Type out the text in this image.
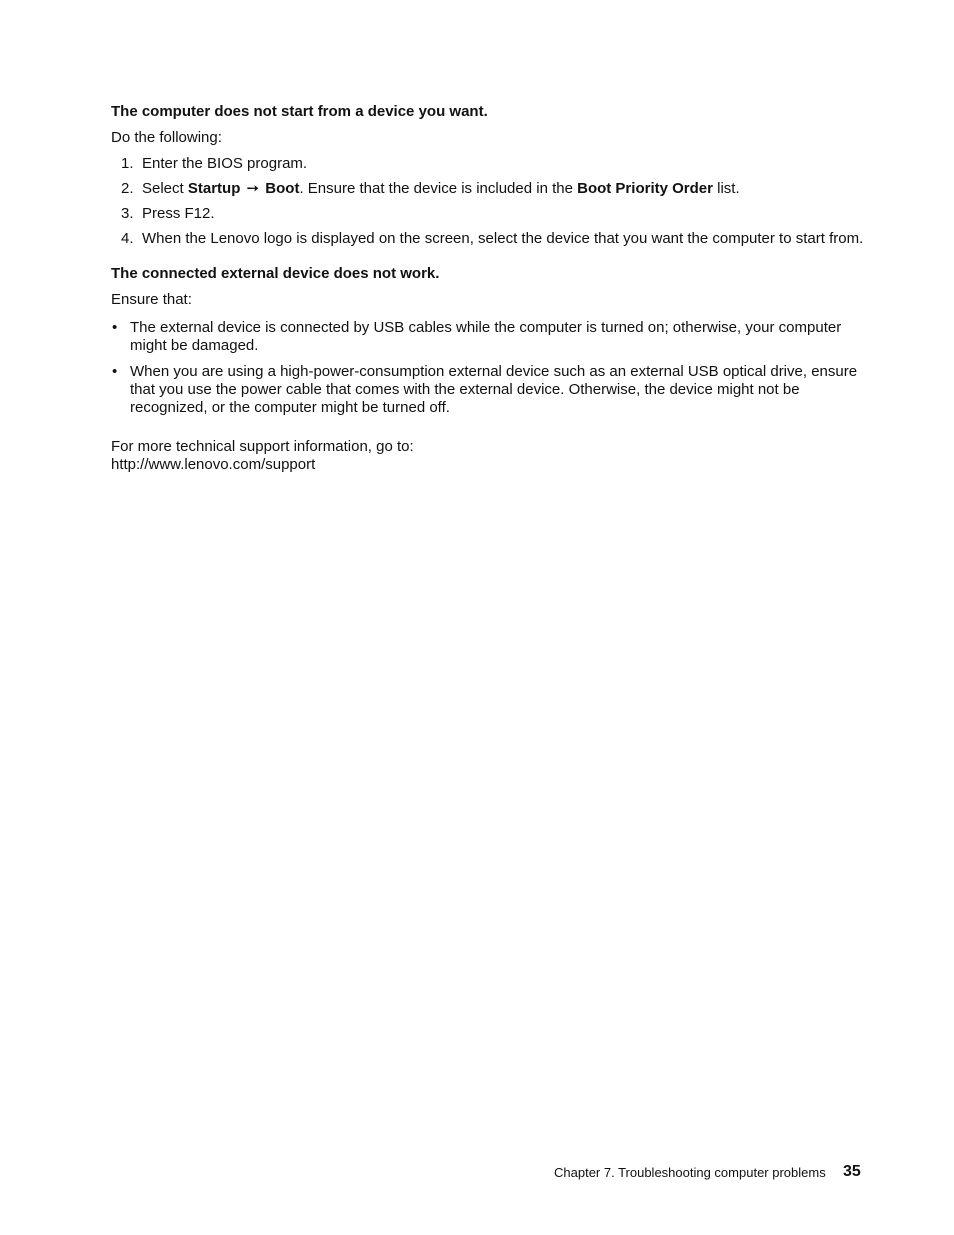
The computer does not start from a device you want.

Do the following:

1. Enter the BIOS program.
2. Select Startup ➙ Boot. Ensure that the device is included in the Boot Priority Order list.
3. Press F12.
4. When the Lenovo logo is displayed on the screen, select the device that you want the computer to start from.

The connected external device does not work.

Ensure that:

• The external device is connected by USB cables while the computer is turned on; otherwise, your computer might be damaged.
• When you are using a high-power-consumption external device such as an external USB optical drive, ensure that you use the power cable that comes with the external device. Otherwise, the device might not be recognized, or the computer might be turned off.
For more technical support information, go to:
http://www.lenovo.com/support
Chapter 7. Troubleshooting computer problems 35
